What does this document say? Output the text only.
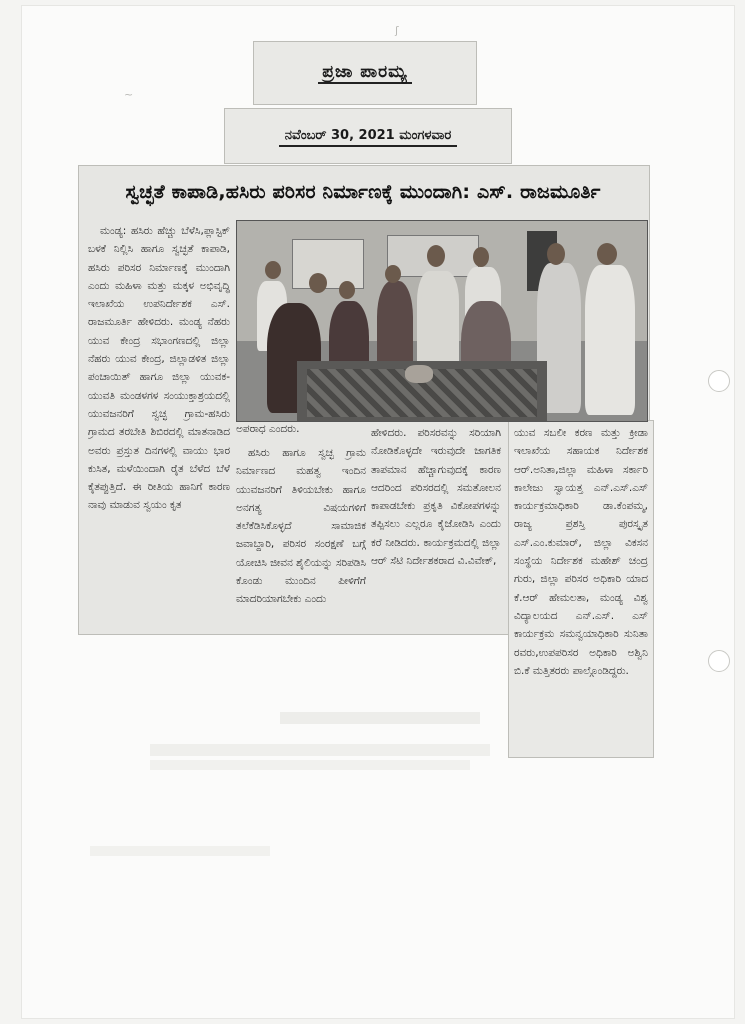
~
ʃ
ಪ್ರಜಾ ಪಾರಮ್ಯ
ನವೆಂಬರ್ 30, 2021 ಮಂಗಳವಾರ
ಸ್ವಚ್ಛತೆ ಕಾಪಾಡಿ,ಹಸಿರು ಪರಿಸರ ನಿರ್ಮಾಣಕ್ಕೆ ಮುಂದಾಗಿ: ಎಸ್. ರಾಜಮೂರ್ತಿ

ಮಂಡ್ಯ: ಹಸಿರು ಹೆಚ್ಚು ಬೆಳೆಸಿ,ಪ್ಲಾಸ್ಟಿಕ್ ಬಳಕೆ ನಿಲ್ಲಿಸಿ ಹಾಗೂ ಸ್ವಚ್ಛತೆ ಕಾಪಾಡಿ, ಹಸಿರು ಪರಿಸರ ನಿರ್ಮಾಣಕ್ಕೆ ಮುಂದಾಗಿ ಎಂದು ಮಹಿಳಾ ಮತ್ತು ಮಕ್ಕಳ ಅಭಿವೃದ್ಧಿ ಇಲಾಖೆಯ ಉಪನಿರ್ದೇಶಕ ಎಸ್. ರಾಜಮೂರ್ತಿ ಹೇಳಿದರು. ಮಂಡ್ಯ ನೆಹರು ಯುವ ಕೇಂದ್ರ ಸಭಾಂಗಣದಲ್ಲಿ ಜಿಲ್ಲಾ ನೆಹರು ಯುವ ಕೇಂದ್ರ, ಜಿಲ್ಲಾಡಳಿತ ಜಿಲ್ಲಾ ಪಂಚಾಯಿತ್ ಹಾಗೂ ಜಿಲ್ಲಾ ಯುವಕ-ಯುವತಿ ಮಂಡಳಗಳ ಸಂಯುಕ್ತಾಶ್ರಯದಲ್ಲಿ ಯುವಜನರಿಗೆ ಸ್ವಚ್ಛ ಗ್ರಾಮ-ಹಸಿರು ಗ್ರಾಮದ ತರಬೇತಿ ಶಿಬಿರದಲ್ಲಿ ಮಾತನಾಡಿದ ಅವರು ಪ್ರಸ್ತುತ ದಿನಗಳಲ್ಲಿ ವಾಯು ಭಾರ ಕುಸಿತ, ಮಳೆಯಿಂದಾಗಿ ರೈತ ಬೆಳೆದ ಬೆಳೆ ಕೈತಪ್ಪುತ್ತಿದೆ. ಈ ರೀತಿಯ ಹಾನಿಗೆ ಕಾರಣ ನಾವು ಮಾಡುವ ಸ್ವಯಂ ಕೃತ

ಅಪರಾಧ ಎಂದರು.

ಹಸಿರು ಹಾಗೂ ಸ್ವಚ್ಛ ಗ್ರಾಮ ನಿರ್ಮಾಣದ ಮಹತ್ವ ಇಂದಿನ ಯುವಜನರಿಗೆ ತಿಳಿಯಬೇಕು ಹಾಗೂ ಅನಗತ್ಯ ವಿಷಯಗಳಿಗೆ ತಲೆಕೆಡಿಸಿಕೊಳ್ಳದೆ ಸಾಮಾಜಿಕ ಜವಾಬ್ದಾರಿ, ಪರಿಸರ ಸಂರಕ್ಷಣೆ ಬಗ್ಗೆ ಯೋಚಿಸಿ ಜೀವನ ಶೈಲಿಯನ್ನು ಸರಿಪಡಿಸಿ ಕೊಂಡು ಮುಂದಿನ ಪೀಳಿಗೆಗೆ ಮಾದರಿಯಾಗಬೇಕು ಎಂದು

ಹೇಳಿದರು. ಪರಿಸರವನ್ನು ಸರಿಯಾಗಿ ನೋಡಿಕೊಳ್ಳದೇ ಇರುವುದೇ ಜಾಗತಿಕ ತಾಪಮಾನ ಹೆಚ್ಚಾಗುವುದಕ್ಕೆ ಕಾರಣ ಆದರಿಂದ ಪರಿಸರದಲ್ಲಿ ಸಮತೋಲನ ಕಾಪಾಡಬೇಕು ಪ್ರಕೃತಿ ವಿಕೋಪಗಳನ್ನು ತಪ್ಪಿಸಲು ಎಲ್ಲರೂ ಕೈಜೋಡಿಸಿ ಎಂದು ಕರೆ ನೀಡಿದರು. ಕಾರ್ಯಕ್ರಮದಲ್ಲಿ ಜಿಲ್ಲಾ ಆರ್ ಸೆಟಿ ನಿರ್ದೇಶಕರಾದ ವಿ.ವಿವೇಕ್,

ಯುವ ಸಬಲೀ ಕರಣ ಮತ್ತು ಕ್ರೀಡಾ ಇಲಾಖೆಯ ಸಹಾಯಕ ನಿರ್ದೇಶಕ ಆರ್.ಅನಿತಾ,ಜಿಲ್ಲಾ ಮಹಿಳಾ ಸರ್ಕಾರಿ ಕಾಲೇಜು ಸ್ವಾಯತ್ತ ಎನ್.ಎಸ್.ಎಸ್ ಕಾರ್ಯಕ್ರಮಾಧಿಕಾರಿ ಡಾ.ಕೆಂಪಮ್ಮ, ರಾಜ್ಯ ಪ್ರಶಸ್ತಿ ಪುರಸ್ಕೃತ ಎಸ್.ಎಂ.ಕುಮಾರ್, ಜಿಲ್ಲಾ ವಿಕಸನ ಸಂಸ್ಥೆಯ ನಿರ್ದೇಶಕ ಮಹೇಶ್ ಚಂದ್ರ ಗುರು, ಜಿಲ್ಲಾ ಪರಿಸರ ಅಧಿಕಾರಿ ಯಾದ ಕೆ.ಆರ್ ಹೇಮಲತಾ, ಮಂಡ್ಯ ವಿಶ್ವ ವಿದ್ಯಾಲಯದ ಎನ್.ಎಸ್. ಎಸ್ ಕಾರ್ಯಕ್ರಮ ಸಮನ್ವಯಾಧಿಕಾರಿ ಸುನಿತಾ ರವರು,ಉಪಪರಿಸರ ಅಧಿಕಾರಿ ಅಶ್ವಿನಿ ಬಿ.ಕೆ ಮತ್ತಿತರರು ಪಾಲ್ಗೊಂಡಿದ್ದರು.
